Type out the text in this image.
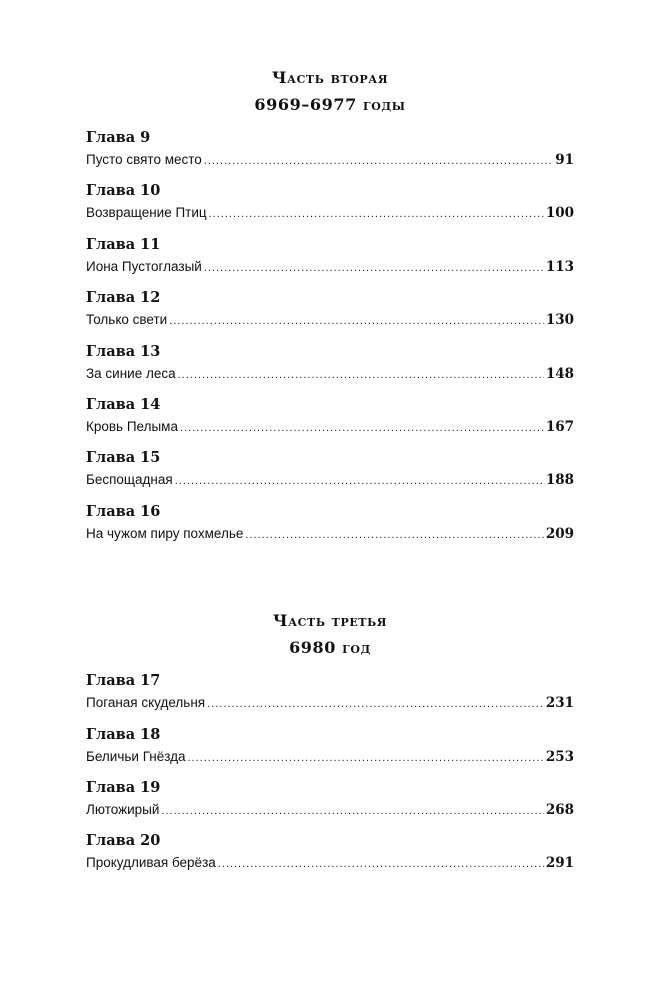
Часть вторая
6969–6977 годы
Глава 9
Пусто свято место .....	91
Глава 10
Возвращение Птиц .....	100
Глава 11
Иона Пустоглазый .....	113
Глава 12
Только свети .....	130
Глава 13
За синие леса .....	148
Глава 14
Кровь Пелыма .....	167
Глава 15
Беспощадная .....	188
Глава 16
На чужом пиру похмелье .....	209
Часть третья
6980 год
Глава 17
Поганая скудельня .....	231
Глава 18
Беличьи Гнёзда .....	253
Глава 19
Лютожирый .....	268
Глава 20
Прокудливая берёза .....	291
